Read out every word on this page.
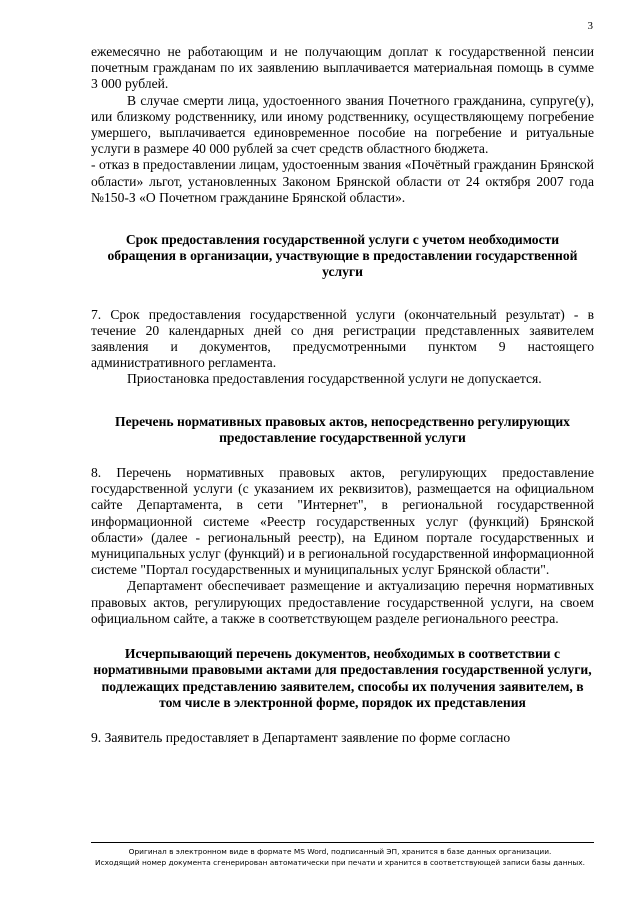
3

ежемесячно не работающим и не получающим доплат к государственной пенсии почетным гражданам по их заявлению выплачивается материальная помощь в сумме 3 000 рублей.

В случае смерти лица, удостоенного звания Почетного гражданина, супруге(у), или близкому родственнику, или иному родственнику, осуществляющему погребение умершего, выплачивается единовременное пособие на погребение и ритуальные услуги в размере 40 000 рублей за счет средств областного бюджета.

- отказ в предоставлении лицам, удостоенным звания «Почётный гражданин Брянской области» льгот, установленных Законом Брянской области от 24 октября 2007 года №150-З «О Почетном гражданине Брянской области».

Срок предоставления государственной услуги с учетом необходимости обращения в организации, участвующие в предоставлении государственной услуги

7. Срок предоставления государственной услуги (окончательный результат) - в течение 20 календарных дней со дня регистрации представленных заявителем заявления и документов, предусмотренными пунктом 9 настоящего административного регламента.

Приостановка предоставления государственной услуги не допускается.

Перечень нормативных правовых актов, непосредственно регулирующих предоставление государственной услуги

8. Перечень нормативных правовых актов, регулирующих предоставление государственной услуги (с указанием их реквизитов), размещается на официальном сайте Департамента, в сети "Интернет", в региональной государственной информационной системе «Реестр государственных услуг (функций) Брянской области» (далее - региональный реестр), на Едином портале государственных и муниципальных услуг (функций) и в региональной государственной информационной системе "Портал государственных и муниципальных услуг Брянской области".

Департамент обеспечивает размещение и актуализацию перечня нормативных правовых актов, регулирующих предоставление государственной услуги, на своем официальном сайте, а также в соответствующем разделе регионального реестра.

Исчерпывающий перечень документов, необходимых в соответствии с нормативными правовыми актами для предоставления государственной услуги, подлежащих представлению заявителем, способы их получения заявителем, в том числе в электронной форме, порядок их представления

9. Заявитель предоставляет в Департамент заявление по форме согласно

Оригинал в электронном виде в формате MS Word, подписанный ЭП, хранится в базе данных организации.
Исходящий номер документа сгенерирован автоматически при печати и хранится в соответствующей записи базы данных.
